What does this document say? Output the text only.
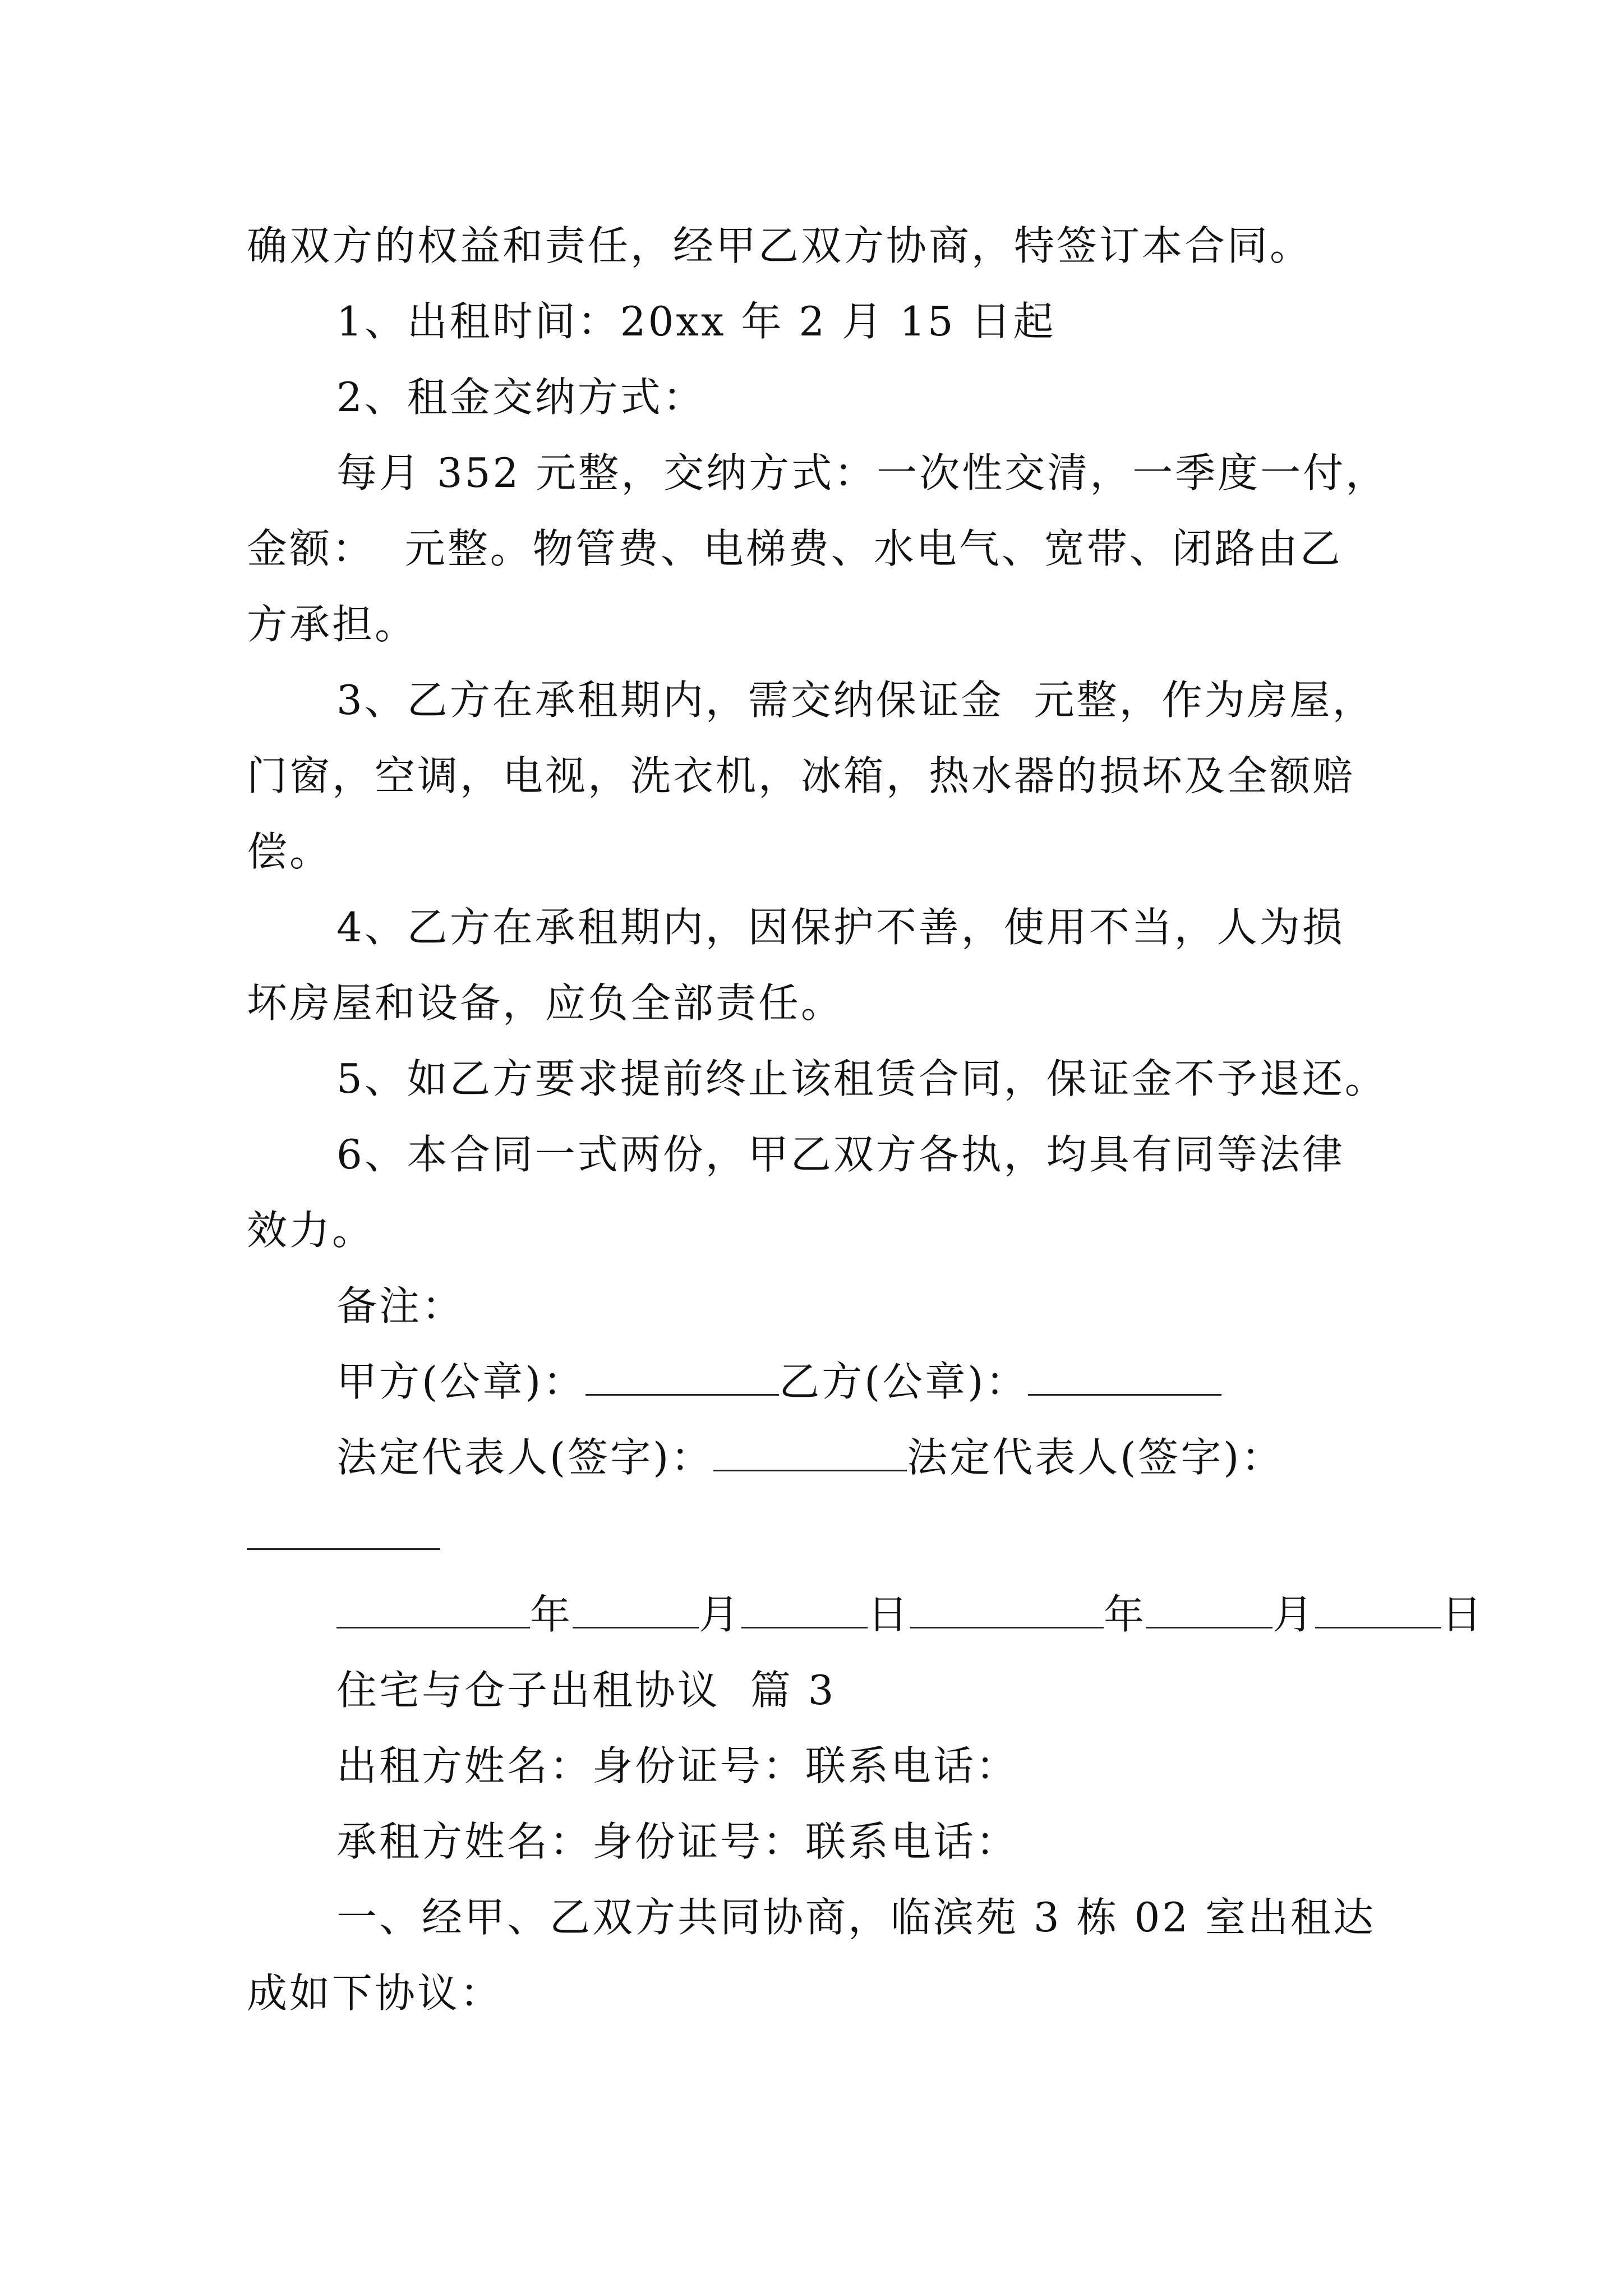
确双方的权益和责任，经甲乙双方协商，特签订本合同。

1、出租时间：20xx 年 2 月 15 日起

2、租金交纳方式：

每月 352 元整，交纳方式：一次性交清，一季度一付，

金额：  元整。物管费、电梯费、水电气、宽带、闭路由乙

方承担。

3、乙方在承租期内，需交纳保证金  元整，作为房屋，

门窗，空调，电视，洗衣机，冰箱，热水器的损坏及全额赔

偿。

4、乙方在承租期内，因保护不善，使用不当，人为损

坏房屋和设备，应负全部责任。

5、如乙方要求提前终止该租赁合同，保证金不予退还。

6、本合同一式两份，甲乙双方各执，均具有同等法律

效力。

备注：

甲方(公章)：	乙方(公章)：

法定代表人(签字)：	法定代表人(签字)：

年	月	日	年	月	日

住宅与仓子出租协议  篇 3

出租方姓名：身份证号：联系电话：

承租方姓名：身份证号：联系电话：

一、经甲、乙双方共同协商，临滨苑 3 栋 02 室出租达

成如下协议：
